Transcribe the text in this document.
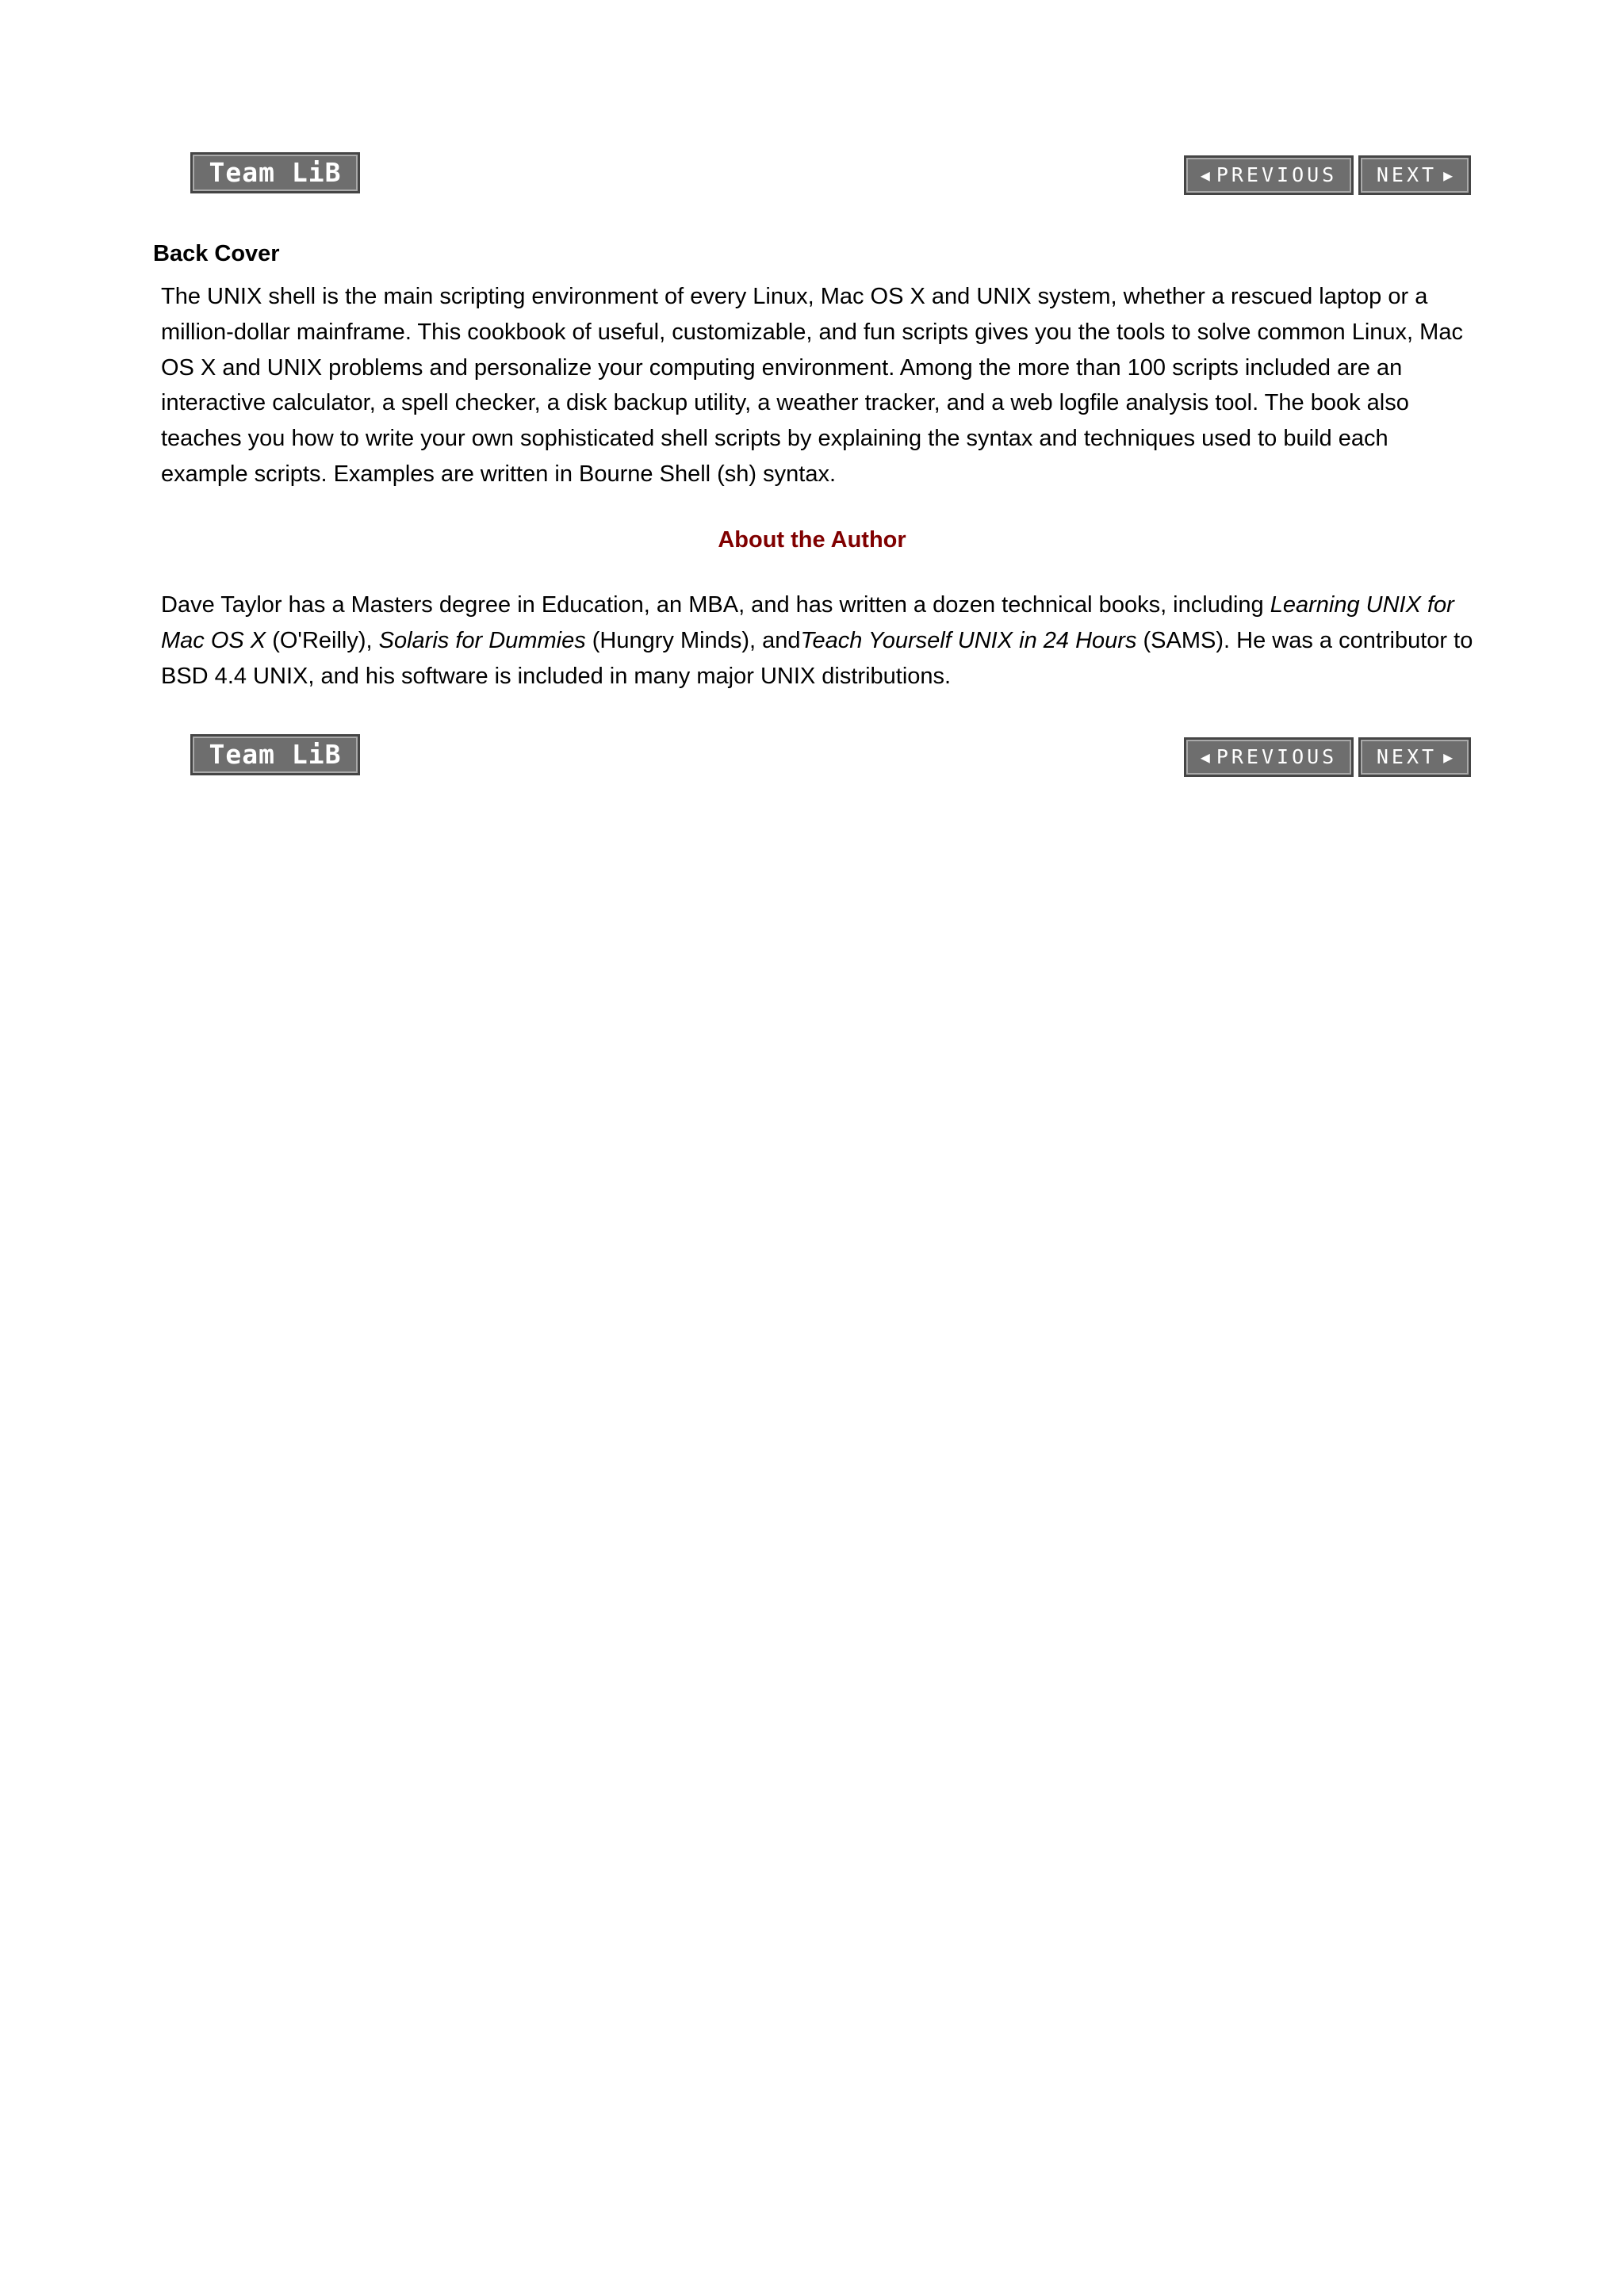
Team LiB	◀ PREVIOUS NEXT ▶
Back Cover

The UNIX shell is the main scripting environment of every Linux, Mac OS X and UNIX system, whether a rescued laptop or a million-dollar mainframe. This cookbook of useful, customizable, and fun scripts gives you the tools to solve common Linux, Mac OS X and UNIX problems and personalize your computing environment. Among the more than 100 scripts included are an interactive calculator, a spell checker, a disk backup utility, a weather tracker, and a web logfile analysis tool. The book also teaches you how to write your own sophisticated shell scripts by explaining the syntax and techniques used to build each example scripts. Examples are written in Bourne Shell (sh) syntax.

About the Author

Dave Taylor has a Masters degree in Education, an MBA, and has written a dozen technical books, including Learning UNIX for Mac OS X (O'Reilly), Solaris for Dummies (Hungry Minds), andTeach Yourself UNIX in 24 Hours (SAMS). He was a contributor to BSD 4.4 UNIX, and his software is included in many major UNIX distributions.

Team LiB	◀ PREVIOUS NEXT ▶
